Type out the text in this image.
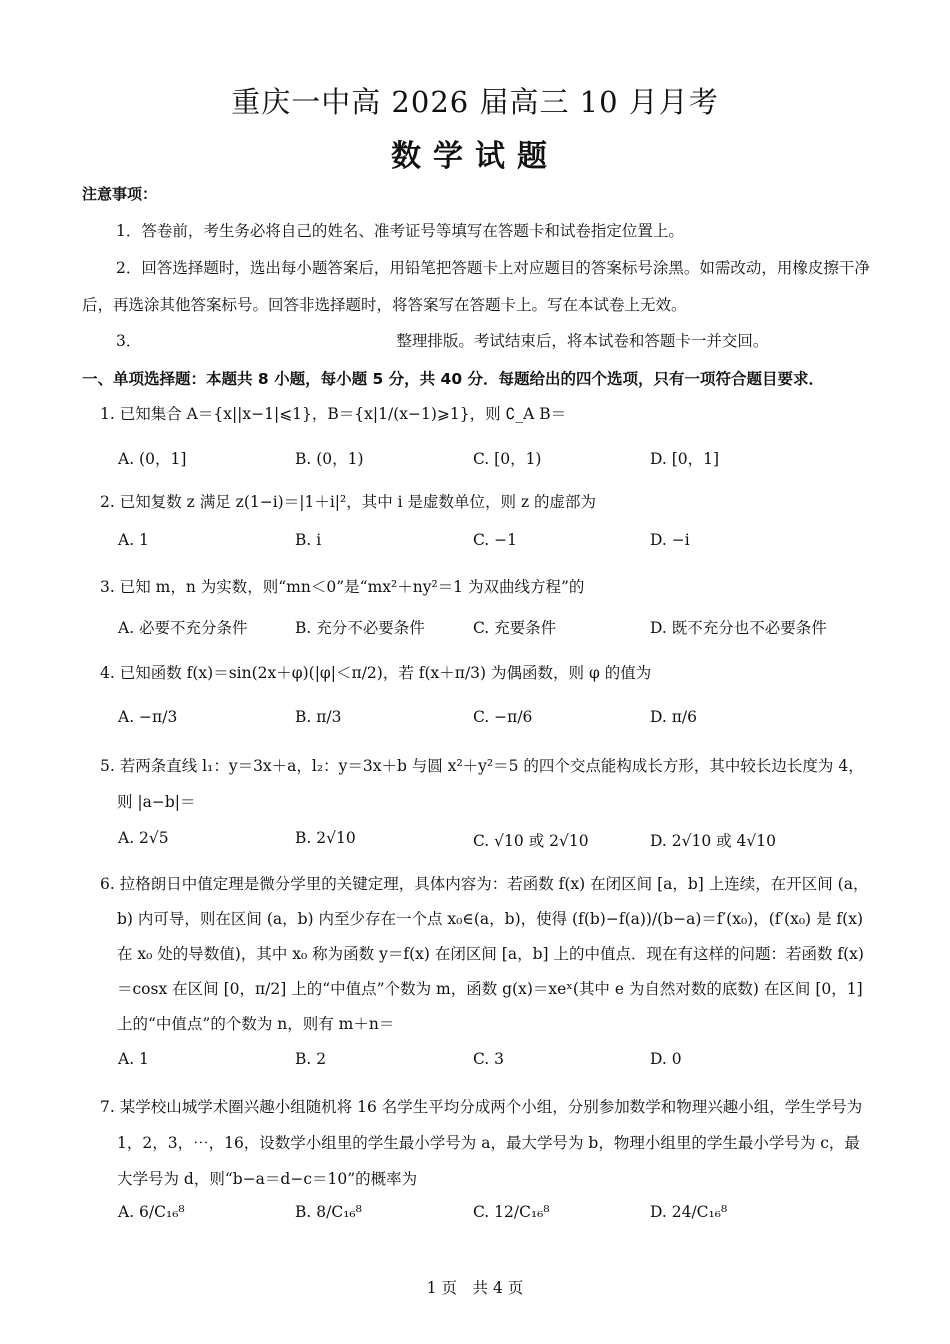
重庆一中高 2026 届高三 10 月月考
数学试题
注意事项：
1．答卷前，考生务必将自己的姓名、准考证号等填写在答题卡和试卷指定位置上。
2．回答选择题时，选出每小题答案后，用铅笔把答题卡上对应题目的答案标号涂黑。如需改动，用橡皮擦干净后，再选涂其他答案标号。回答非选择题时，将答案写在答题卡上。写在本试卷上无效。
3．	整理排版。考试结束后，将本试卷和答题卡一并交回。
一、单项选择题：本题共 8 小题，每小题 5 分，共 40 分．每题给出的四个选项，只有一项符合题目要求．
1. 已知集合 A＝{x||x−1|⩽1}，B＝{x|1/(x−1)⩾1}，则 ∁_A B＝
A. (0，1]	B. (0，1)	C. [0，1)	D. [0，1]
2. 已知复数 z 满足 z(1−i)＝|1＋i|²，其中 i 是虚数单位，则 z 的虚部为
A. 1	B. i	C. −1	D. −i
3. 已知 m，n 为实数，则“mn＜0”是“mx²＋ny²＝1 为双曲线方程”的
A. 必要不充分条件	B. 充分不必要条件	C. 充要条件	D. 既不充分也不必要条件
4. 已知函数 f(x)＝sin(2x＋φ)(|φ|＜π/2)，若 f(x＋π/3) 为偶函数，则 φ 的值为
A. −π/3	B. π/3	C. −π/6	D. π/6
5. 若两条直线 l₁：y＝3x＋a，l₂：y＝3x＋b 与圆 x²＋y²＝5 的四个交点能构成长方形，其中较长边长度为 4，则 |a−b|＝
A. 2√5	B. 2√10	C. √10 或 2√10	D. 2√10 或 4√10
6. 拉格朗日中值定理是微分学里的关键定理，具体内容为：若函数 f(x) 在闭区间 [a，b] 上连续，在开区间 (a，b) 内可导，则在区间 (a，b) 内至少存在一个点 x₀∈(a，b)，使得 (f(b)−f(a))/(b−a)＝f′(x₀)，(f′(x₀) 是 f(x) 在 x₀ 处的导数值)，其中 x₀ 称为函数 y＝f(x) 在闭区间 [a，b] 上的中值点．现在有这样的问题：若函数 f(x)＝cosx 在区间 [0，π/2] 上的“中值点”个数为 m，函数 g(x)＝xeˣ(其中 e 为自然对数的底数) 在区间 [0，1] 上的“中值点”的个数为 n，则有 m＋n＝
A. 1	B. 2	C. 3	D. 0
7. 某学校山城学术圈兴趣小组随机将 16 名学生平均分成两个小组，分别参加数学和物理兴趣小组，学生学号为 1，2，3，⋯，16，设数学小组里的学生最小学号为 a，最大学号为 b，物理小组里的学生最小学号为 c，最大学号为 d，则“b−a＝d−c＝10”的概率为
A. 6/C₁₆⁸	B. 8/C₁₆⁸	C. 12/C₁₆⁸	D. 24/C₁₆⁸
1 页　共 4 页
